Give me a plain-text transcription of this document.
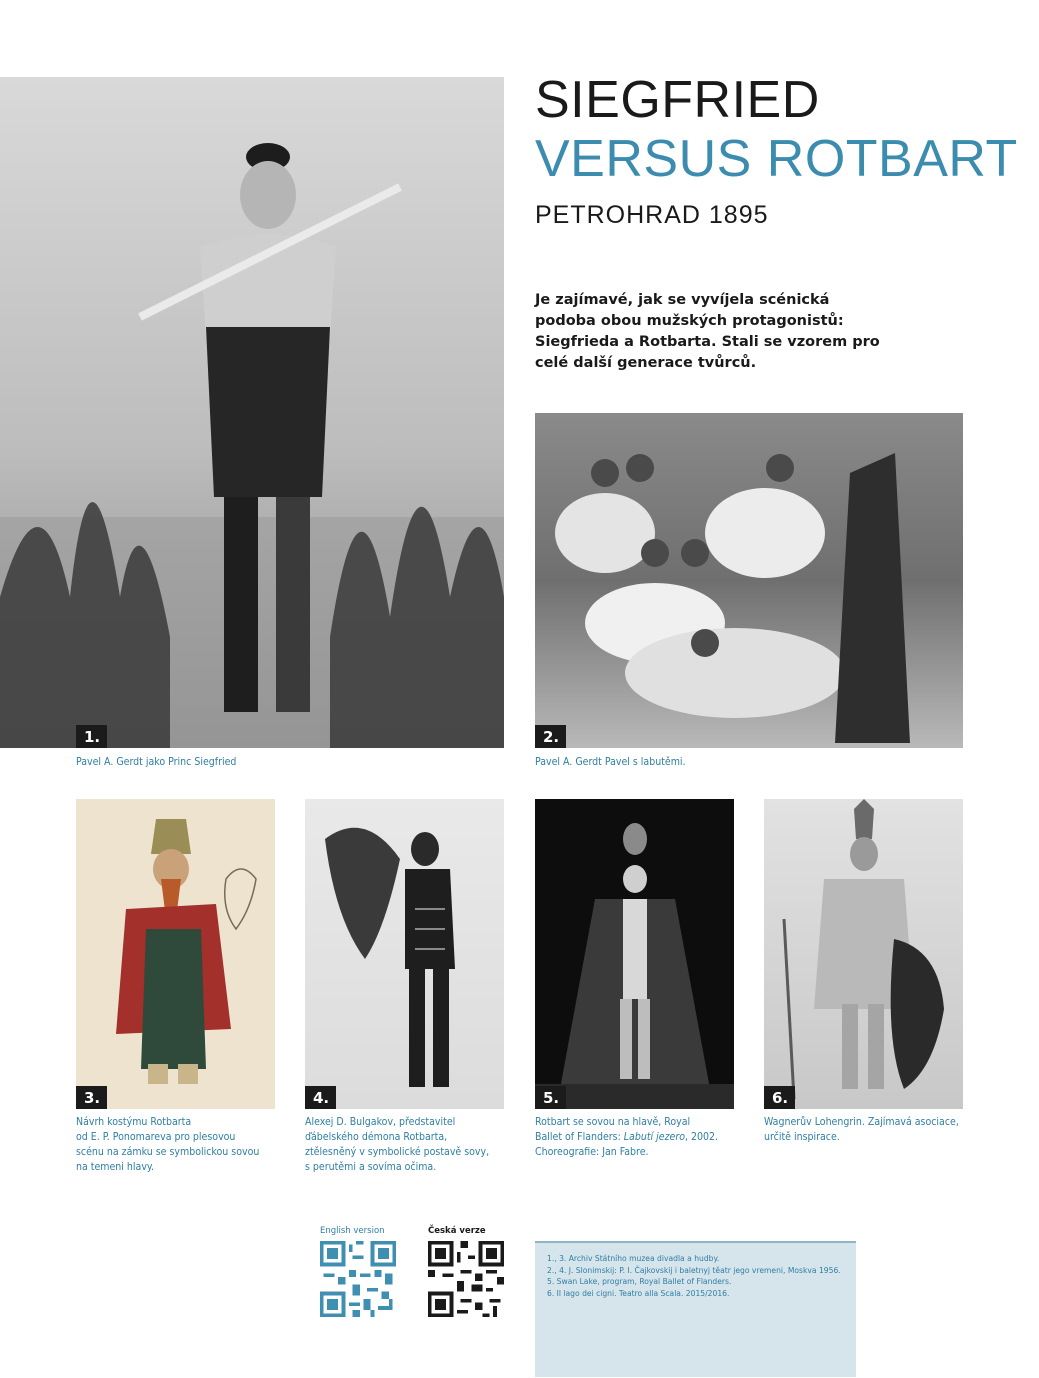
SIEGFRIED
VERSUS ROTBART
PETROHRAD 1895
Je zajímavé, jak se vyvíjela scénická podoba obou mužských protagonistů: Siegfrieda a Rotbarta. Stali se vzorem pro celé další generace tvůrců.
1.
Pavel A. Gerdt jako Princ Siegfried
2.
Pavel A. Gerdt Pavel s labutěmi.
3.
Návrh kostýmu Rotbarta
od E. P. Ponomareva pro plesovou
scénu na zámku se symbolickou sovou
na temeni hlavy.
4.
Alexej D. Bulgakov, představitel
ďábelského démona Rotbarta,
ztělesněný v symbolické postavě sovy,
s perutěmi a sovíma očima.
5.
Rotbart se sovou na hlavě, Royal
Ballet of Flanders: Labutí jezero, 2002.
Choreografie: Jan Fabre.
6.
Wagnerův Lohengrin. Zajímavá asociace,
určitě inspirace.
English version	Česká verze

1., 3. Archiv Státního muzea divadla a hudby.

2., 4. J. Slonimskij: P. I. Čajkovskij i baletnyj těatr jego vremeni, Moskva 1956.

5. Swan Lake, program, Royal Ballet of Flanders.

6. Il lago dei cigni. Teatro alla Scala. 2015/2016.
